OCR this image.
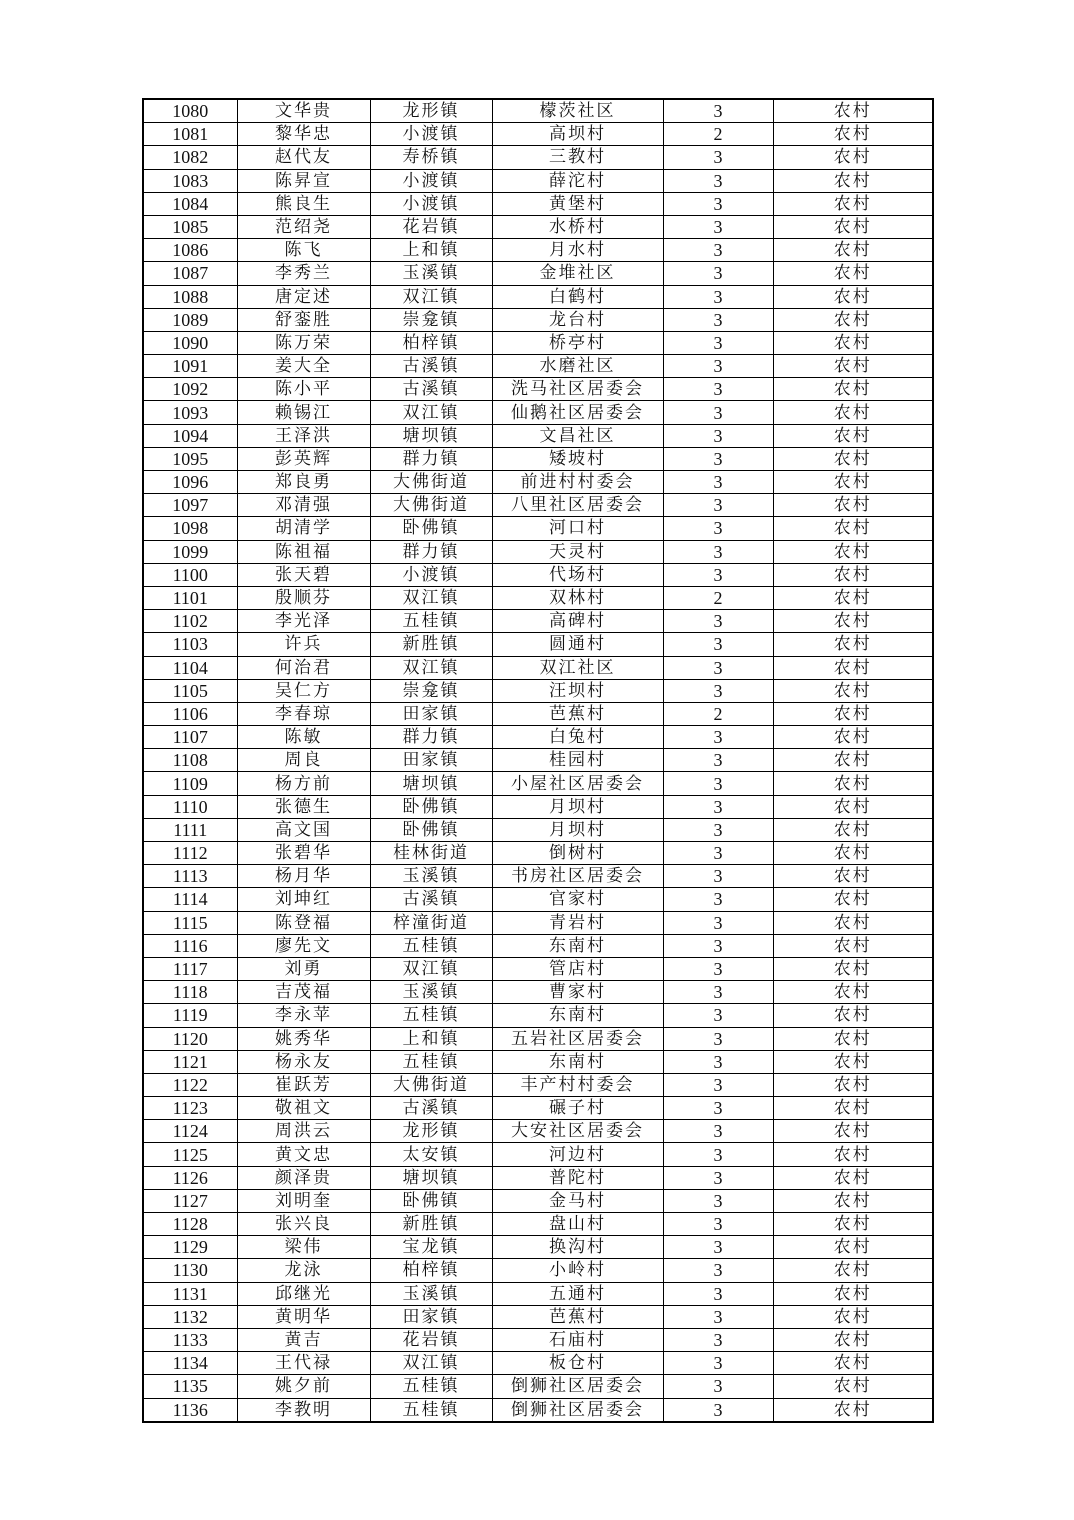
1080	文华贵	龙形镇	檬茨社区	3	农村
1081	黎华忠	小渡镇	高坝村	2	农村
1082	赵代友	寿桥镇	三教村	3	农村
1083	陈昇宣	小渡镇	薛沱村	3	农村
1084	熊良生	小渡镇	黄堡村	3	农村
1085	范绍尧	花岩镇	水桥村	3	农村
1086	陈飞	上和镇	月水村	3	农村
1087	李秀兰	玉溪镇	金堆社区	3	农村
1088	唐定述	双江镇	白鹤村	3	农村
1089	舒銮胜	崇龛镇	龙台村	3	农村
1090	陈万荣	柏梓镇	桥亭村	3	农村
1091	姜大全	古溪镇	水磨社区	3	农村
1092	陈小平	古溪镇	洗马社区居委会	3	农村
1093	赖锡江	双江镇	仙鹅社区居委会	3	农村
1094	王泽洪	塘坝镇	文昌社区	3	农村
1095	彭英辉	群力镇	矮坡村	3	农村
1096	郑良勇	大佛街道	前进村村委会	3	农村
1097	邓清强	大佛街道	八里社区居委会	3	农村
1098	胡清学	卧佛镇	河口村	3	农村
1099	陈祖福	群力镇	天灵村	3	农村
1100	张天碧	小渡镇	代场村	3	农村
1101	殷顺芬	双江镇	双林村	2	农村
1102	李光泽	五桂镇	高碑村	3	农村
1103	许兵	新胜镇	圆通村	3	农村
1104	何治君	双江镇	双江社区	3	农村
1105	吴仁方	崇龛镇	汪坝村	3	农村
1106	李春琼	田家镇	芭蕉村	2	农村
1107	陈敏	群力镇	白兔村	3	农村
1108	周良	田家镇	桂园村	3	农村
1109	杨方前	塘坝镇	小屋社区居委会	3	农村
1110	张德生	卧佛镇	月坝村	3	农村
1111	高文国	卧佛镇	月坝村	3	农村
1112	张碧华	桂林街道	倒树村	3	农村
1113	杨月华	玉溪镇	书房社区居委会	3	农村
1114	刘坤红	古溪镇	官家村	3	农村
1115	陈登福	梓潼街道	青岩村	3	农村
1116	廖先文	五桂镇	东南村	3	农村
1117	刘勇	双江镇	管店村	3	农村
1118	吉茂福	玉溪镇	曹家村	3	农村
1119	李永苹	五桂镇	东南村	3	农村
1120	姚秀华	上和镇	五岩社区居委会	3	农村
1121	杨永友	五桂镇	东南村	3	农村
1122	崔跃芳	大佛街道	丰产村村委会	3	农村
1123	敬祖文	古溪镇	碾子村	3	农村
1124	周洪云	龙形镇	大安社区居委会	3	农村
1125	黄文忠	太安镇	河边村	3	农村
1126	颜泽贵	塘坝镇	普陀村	3	农村
1127	刘明奎	卧佛镇	金马村	3	农村
1128	张兴良	新胜镇	盘山村	3	农村
1129	梁伟	宝龙镇	换沟村	3	农村
1130	龙泳	柏梓镇	小岭村	3	农村
1131	邱继光	玉溪镇	五通村	3	农村
1132	黄明华	田家镇	芭蕉村	3	农村
1133	黄吉	花岩镇	石庙村	3	农村
1134	王代禄	双江镇	板仓村	3	农村
1135	姚夕前	五桂镇	倒狮社区居委会	3	农村
1136	李教明	五桂镇	倒狮社区居委会	3	农村
